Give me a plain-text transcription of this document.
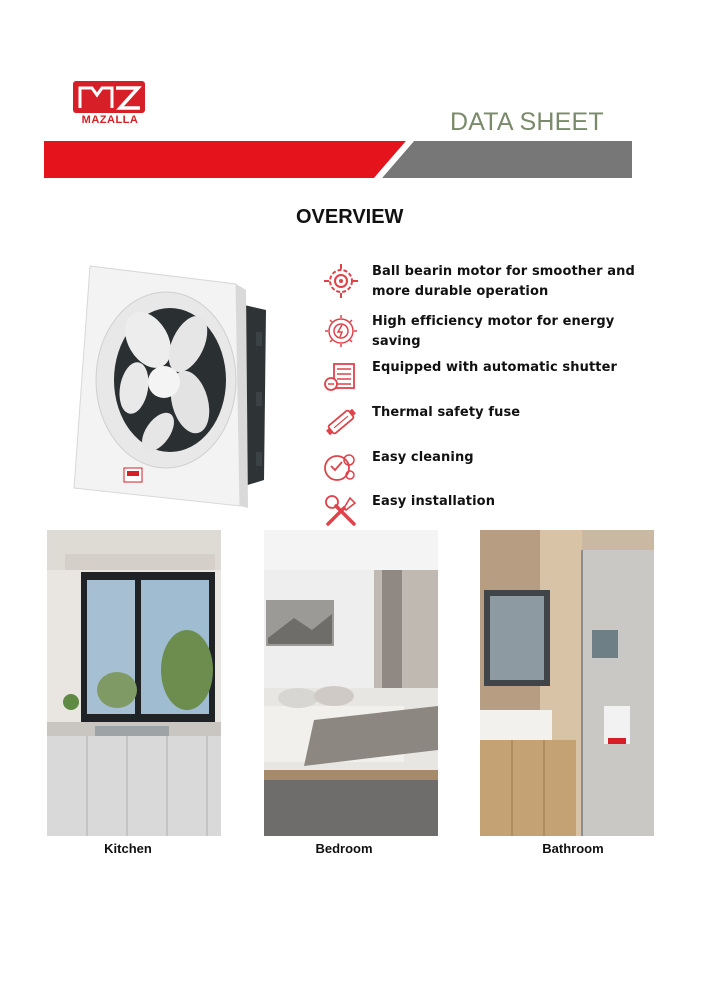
MAZALLA	DATA SHEET
OVERVIEW
Ball bearin motor for smoother and more durable operation
High efficiency motor for energy saving
Equipped with automatic shutter
Thermal safety fuse
Easy cleaning
Easy installation
Kitchen	Bedroom	Bathroom
